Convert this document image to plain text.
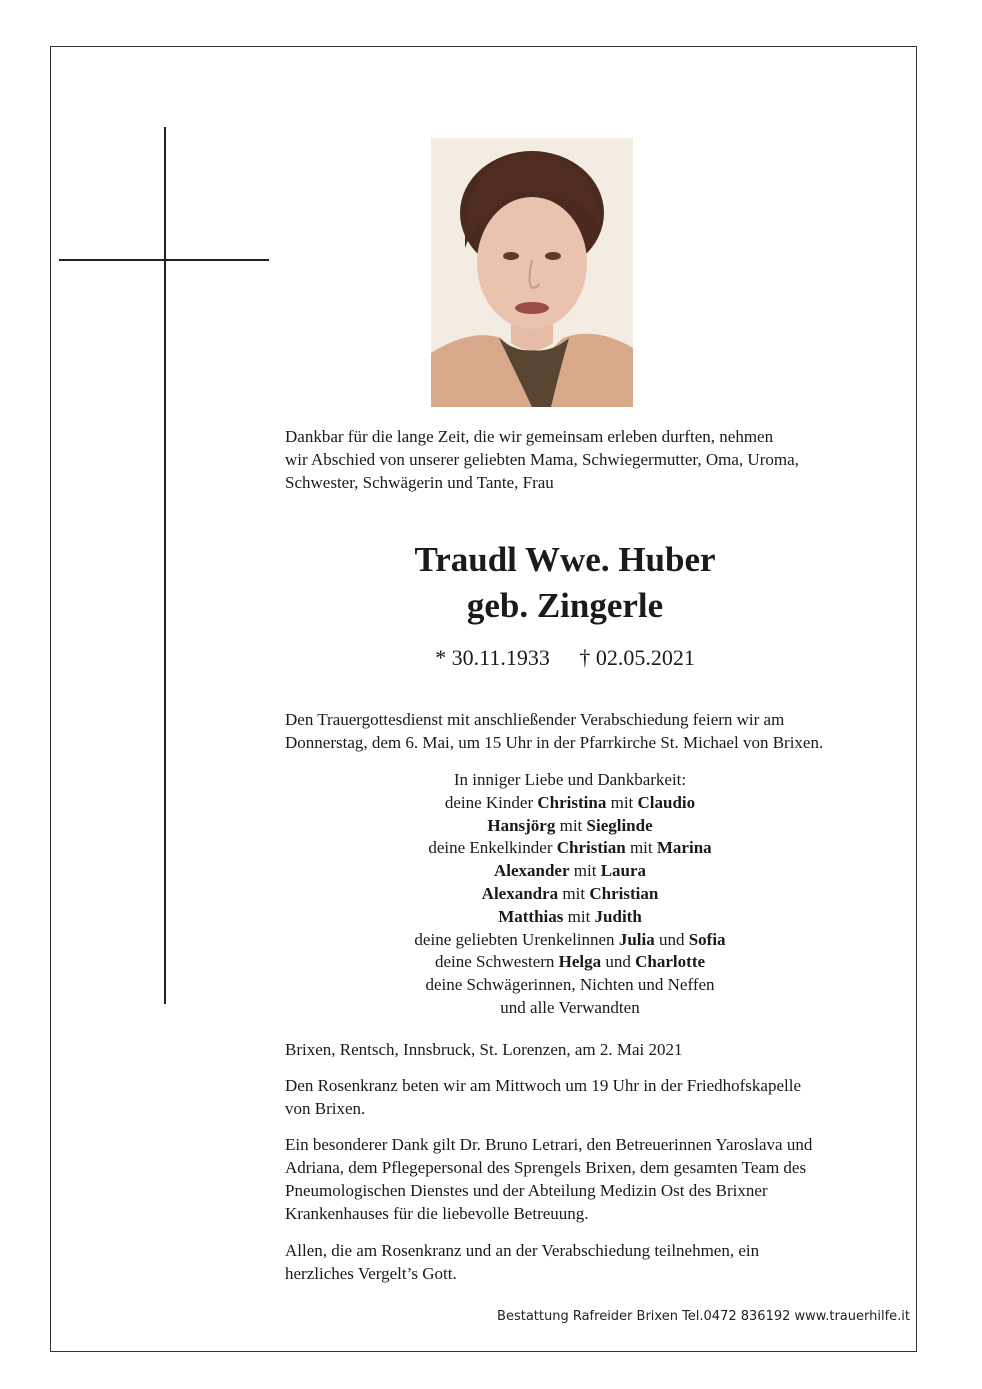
Dankbar für die lange Zeit, die wir gemeinsam erleben durften, nehmen
wir Abschied von unserer geliebten Mama, Schwiegermutter, Oma, Uroma,
Schwester, Schwägerin und Tante, Frau
Traudl Wwe. Huber
geb. Zingerle
* 30.11.1933 † 02.05.2021
Den Trauergottesdienst mit anschließender Verabschiedung feiern wir am
Donnerstag, dem 6. Mai, um 15 Uhr in der Pfarrkirche St. Michael von Brixen.
In inniger Liebe und Dankbarkeit:
deine Kinder Christina mit Claudio
Hansjörg mit Sieglinde
deine Enkelkinder Christian mit Marina
Alexander mit Laura
Alexandra mit Christian
Matthias mit Judith
deine geliebten Urenkelinnen Julia und Sofia
deine Schwestern Helga und Charlotte
deine Schwägerinnen, Nichten und Neffen
und alle Verwandten
Brixen, Rentsch, Innsbruck, St. Lorenzen, am 2. Mai 2021
Den Rosenkranz beten wir am Mittwoch um 19 Uhr in der Friedhofskapelle
von Brixen.
Ein besonderer Dank gilt Dr. Bruno Letrari, den Betreuerinnen Yaroslava und
Adriana, dem Pflegepersonal des Sprengels Brixen, dem gesamten Team des
Pneumologischen Dienstes und der Abteilung Medizin Ost des Brixner
Krankenhauses für die liebevolle Betreuung.
Allen, die am Rosenkranz und an der Verabschiedung teilnehmen, ein
herzliches Vergelt’s Gott.
Bestattung Rafreider Brixen Tel.0472 836192 www.trauerhilfe.it
